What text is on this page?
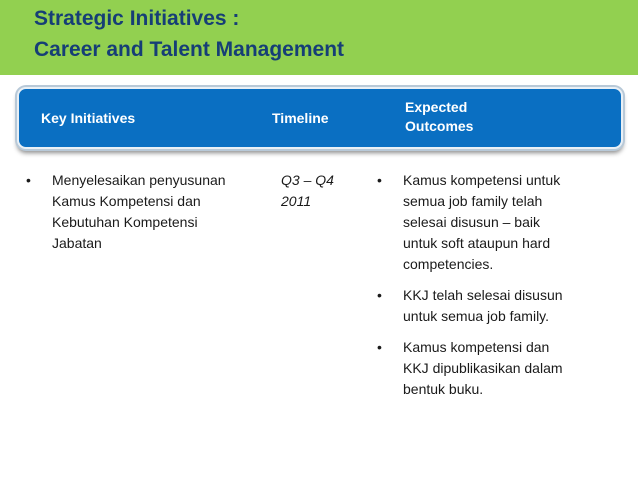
Strategic Initiatives :
Career and Talent Management
Key Initiatives	Timeline
Expected Outcomes
• Menyelesaikan penyusunan Kamus Kompetensi dan Kebutuhan Kompetensi Jabatan
Q3 – Q4 2011
• Kamus kompetensi untuk semua job family telah selesai disusun – baik untuk soft ataupun hard competencies.
• KKJ telah selesai disusun untuk semua job family.
• Kamus kompetensi dan KKJ dipublikasikan dalam bentuk buku.
